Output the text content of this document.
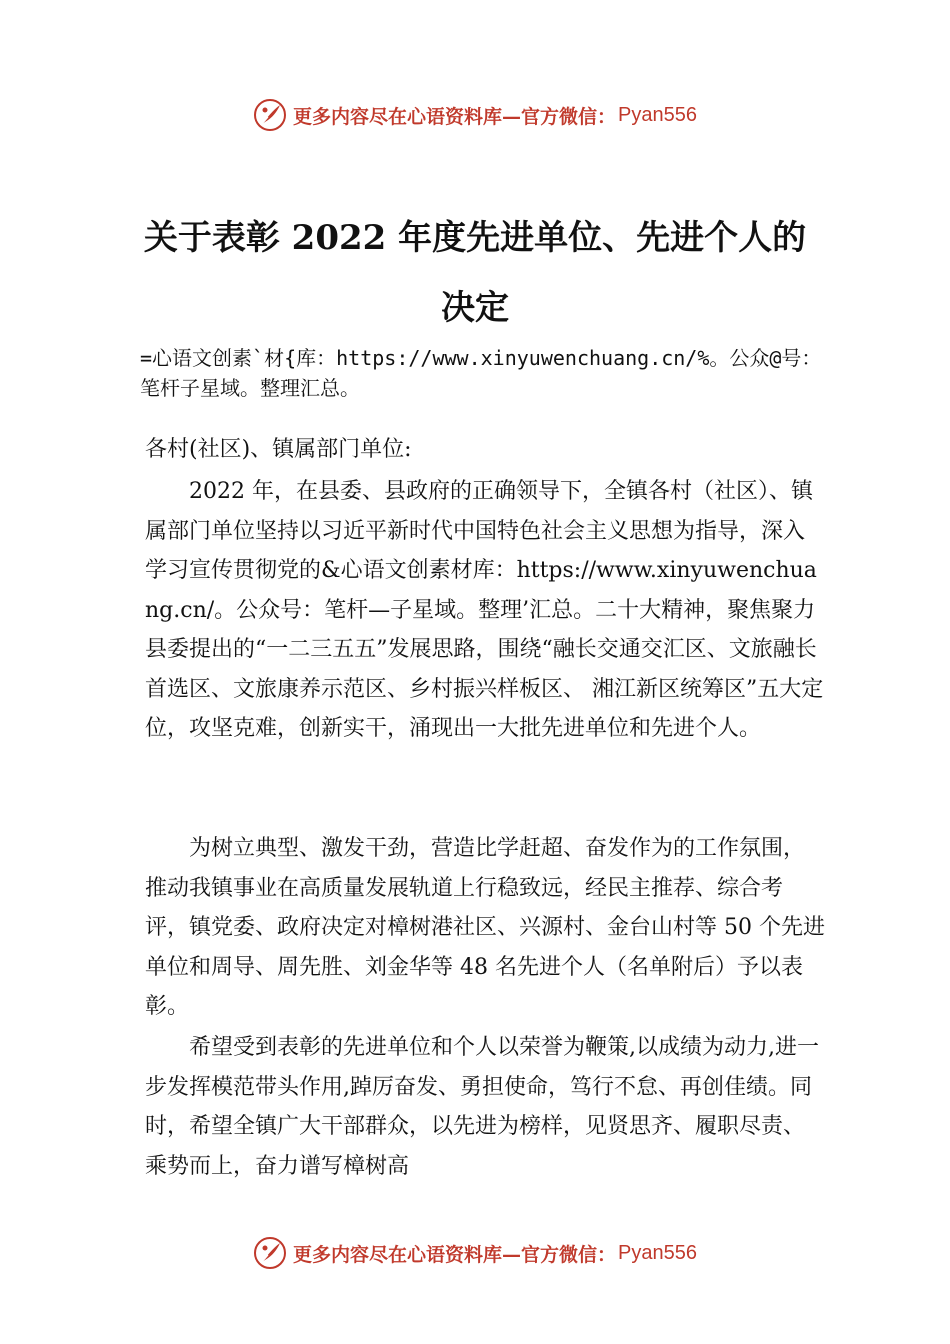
更多内容尽在心语资料库—官方微信： Pyan556
关于表彰 2022 年度先进单位、先进个人的
决定
=心语文创素`材{库：https://www.xinyuwenchuang.cn/%。公众@号：笔杆子星域。整理汇总。
各村(社区)、镇属部门单位:
2022 年，在县委、县政府的正确领导下，全镇各村（社区）、镇属部门单位坚持以习近平新时代中国特色社会主义思想为指导，深入学习宣传贯彻党的&心语文创素材库：https://www.xinyuwenchuang.cn/。公众号：笔杆—子星域。整理’汇总。二十大精神，聚焦聚力县委提出的“一二三五五”发展思路，围绕“融长交通交汇区、文旅融长首选区、文旅康养示范区、乡村振兴样板区、 湘江新区统筹区”五大定位，攻坚克难，创新实干，涌现出一大批先进单位和先进个人。
为树立典型、激发干劲，营造比学赶超、奋发作为的工作氛围，推动我镇事业在高质量发展轨道上行稳致远，经民主推荐、综合考评，镇党委、政府决定对樟树港社区、兴源村、金台山村等 50 个先进单位和周导、周先胜、刘金华等 48 名先进个人（名单附后）予以表彰。
希望受到表彰的先进单位和个人以荣誉为鞭策,以成绩为动力,进一步发挥模范带头作用,踔厉奋发、勇担使命，笃行不怠、再创佳绩。同时，希望全镇广大干部群众，以先进为榜样，见贤思齐、履职尽责、乘势而上，奋力谱写樟树高
更多内容尽在心语资料库—官方微信： Pyan556
